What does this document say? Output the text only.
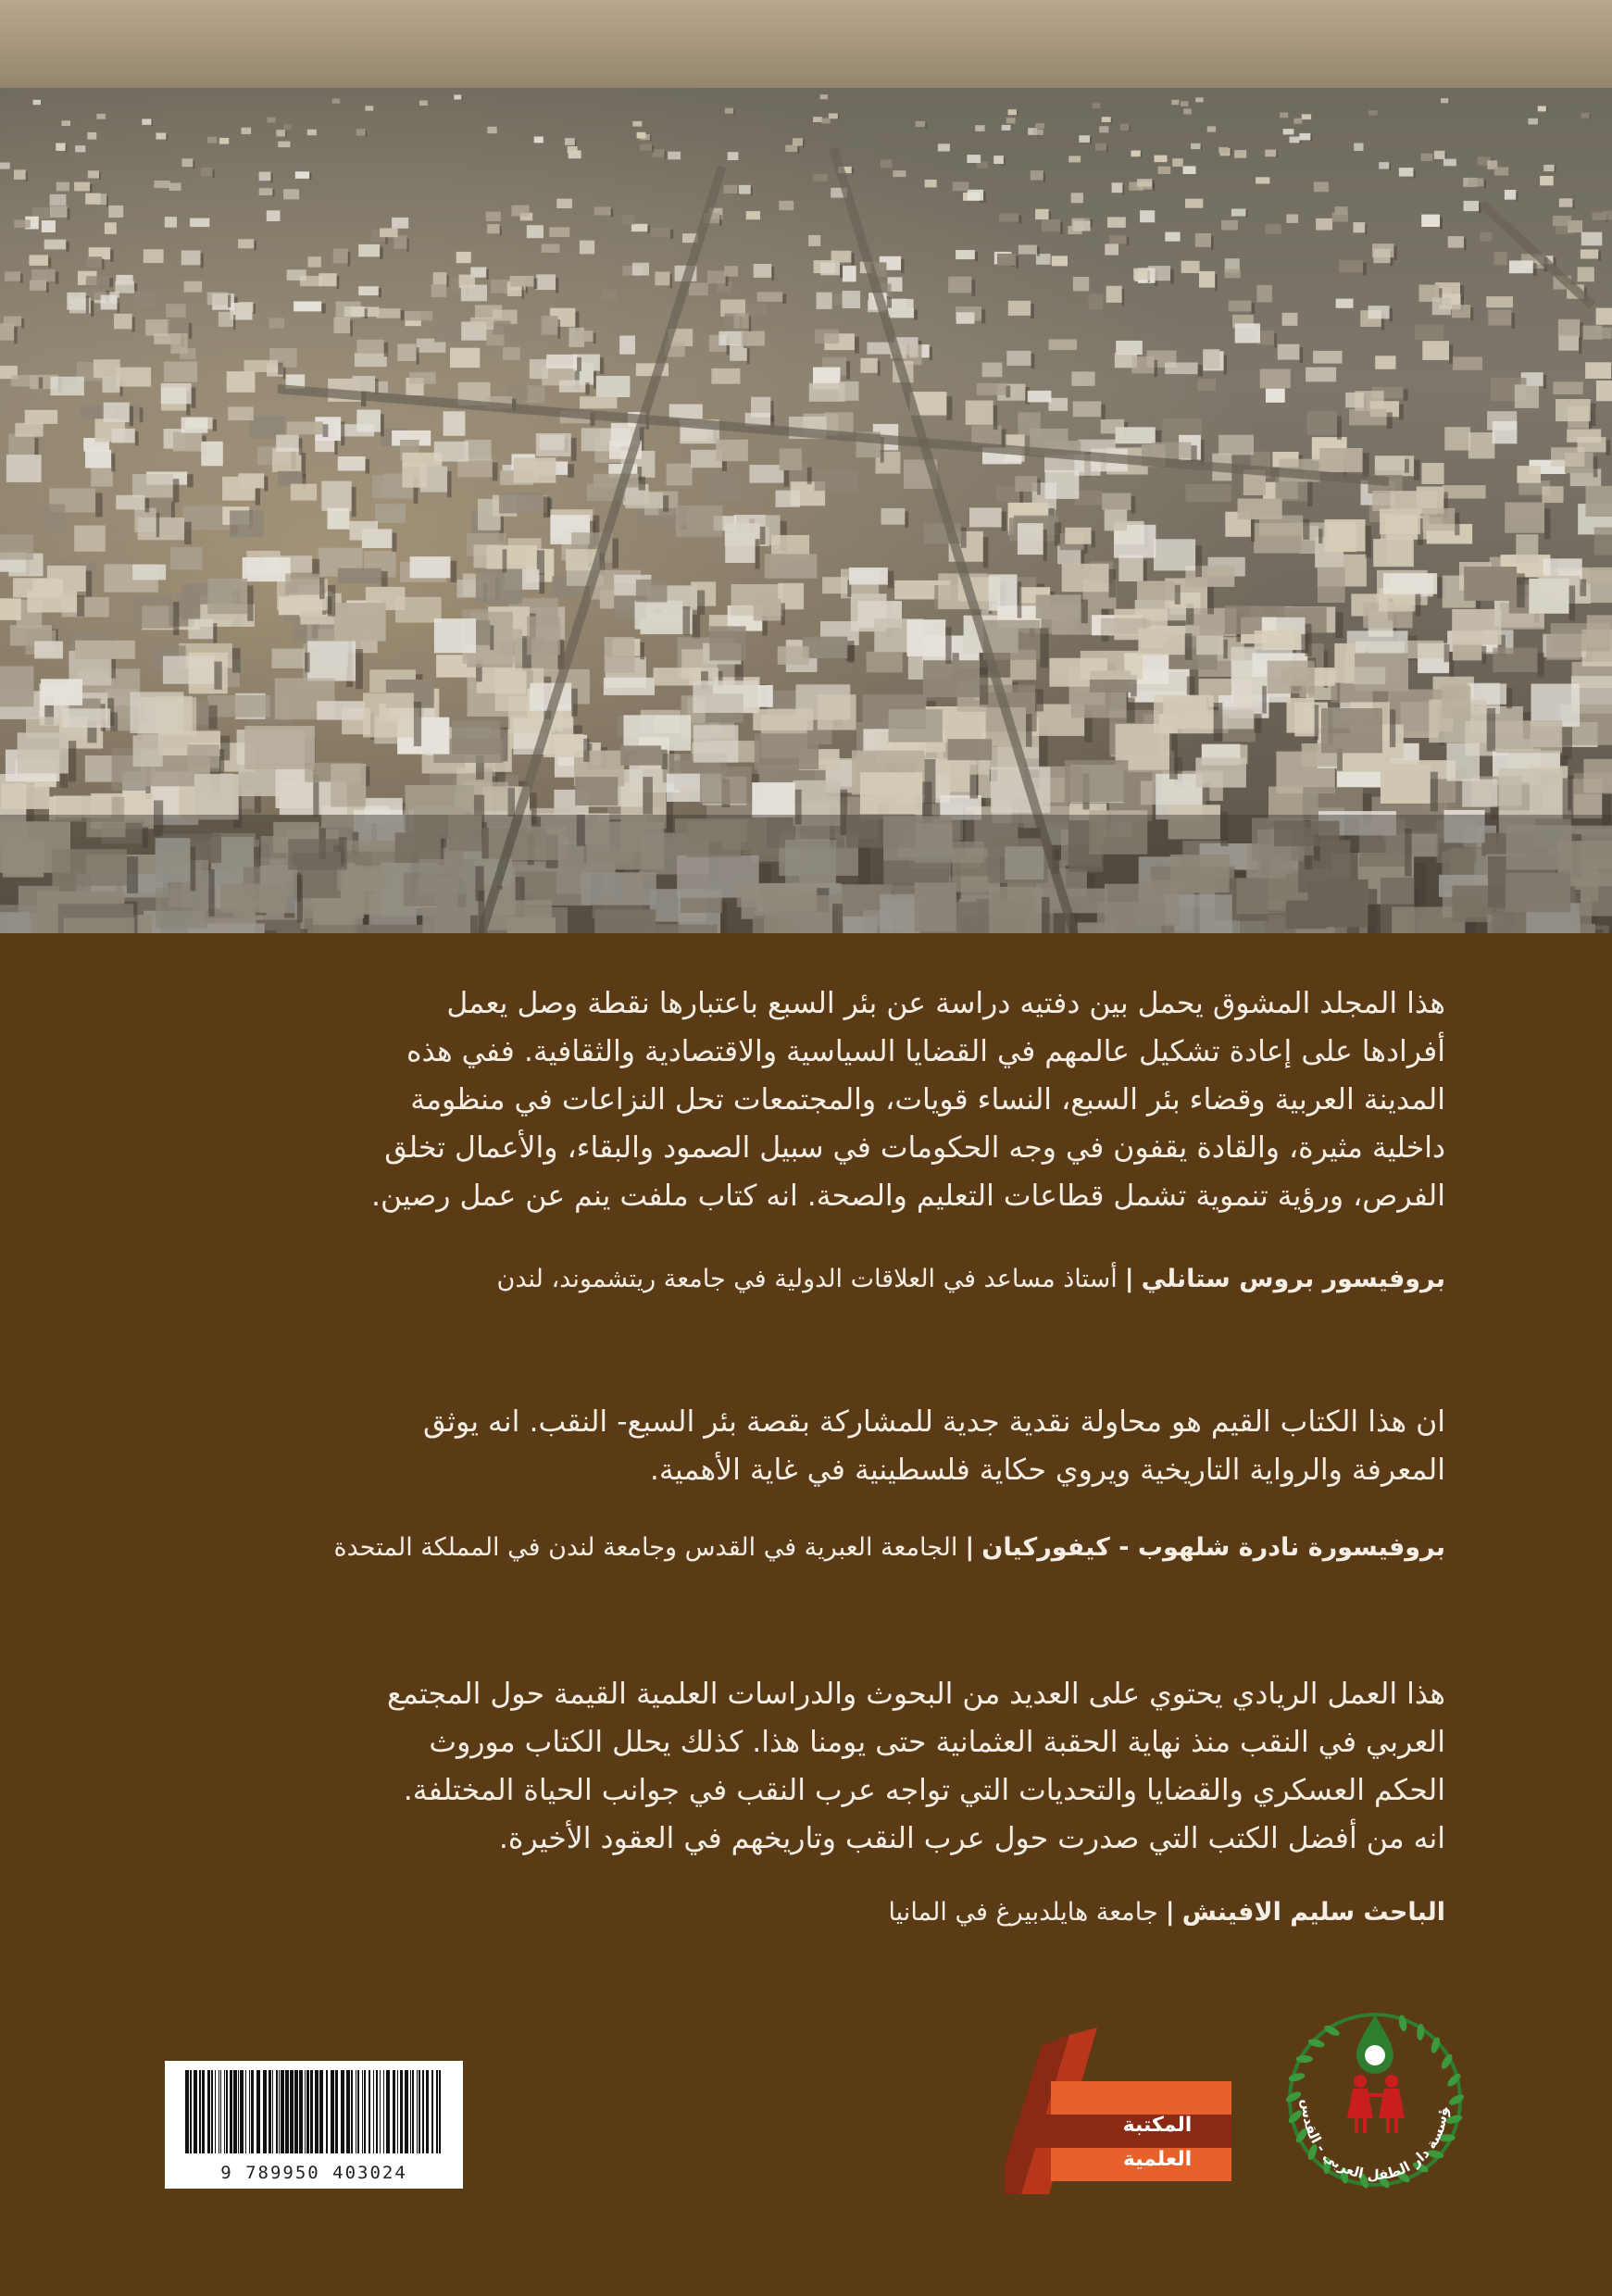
هذا المجلد المشوق يحمل بين دفتيه دراسة عن بئر السبع باعتبارها نقطة وصل يعمل
أفرادها على إعادة تشكيل عالمهم في القضايا السياسية والاقتصادية والثقافية. ففي هذه
المدينة العربية وقضاء بئر السبع، النساء قويات، والمجتمعات تحل النزاعات في منظومة
داخلية مثيرة، والقادة يقفون في وجه الحكومات في سبيل الصمود والبقاء، والأعمال تخلق
الفرص، ورؤية تنموية تشمل قطاعات التعليم والصحة. انه كتاب ملفت ينم عن عمل رصين.
بروفيسور بروس ستانلي|أستاذ مساعد في العلاقات الدولية في جامعة ريتشموند، لندن
ان هذا الكتاب القيم هو محاولة نقدية جدية للمشاركة بقصة بئر السبع- النقب. انه يوثق
المعرفة والرواية التاريخية ويروي حكاية فلسطينية في غاية الأهمية.
بروفيسورة نادرة شلهوب - كيفوركيان|الجامعة العبرية في القدس وجامعة لندن في المملكة المتحدة
هذا العمل الريادي يحتوي على العديد من البحوث والدراسات العلمية القيمة حول المجتمع
العربي في النقب منذ نهاية الحقبة العثمانية حتى يومنا هذا. كذلك يحلل الكتاب موروث
الحكم العسكري والقضايا والتحديات التي تواجه عرب النقب في جوانب الحياة المختلفة.
انه من أفضل الكتب التي صدرت حول عرب النقب وتاريخهم في العقود الأخيرة.
الباحث سليم الافينش|جامعة هايلدبيرغ في المانيا
9 789950 403024
المكتبة
العلمية
ؤسسة دار الطفل العربي - القدس
